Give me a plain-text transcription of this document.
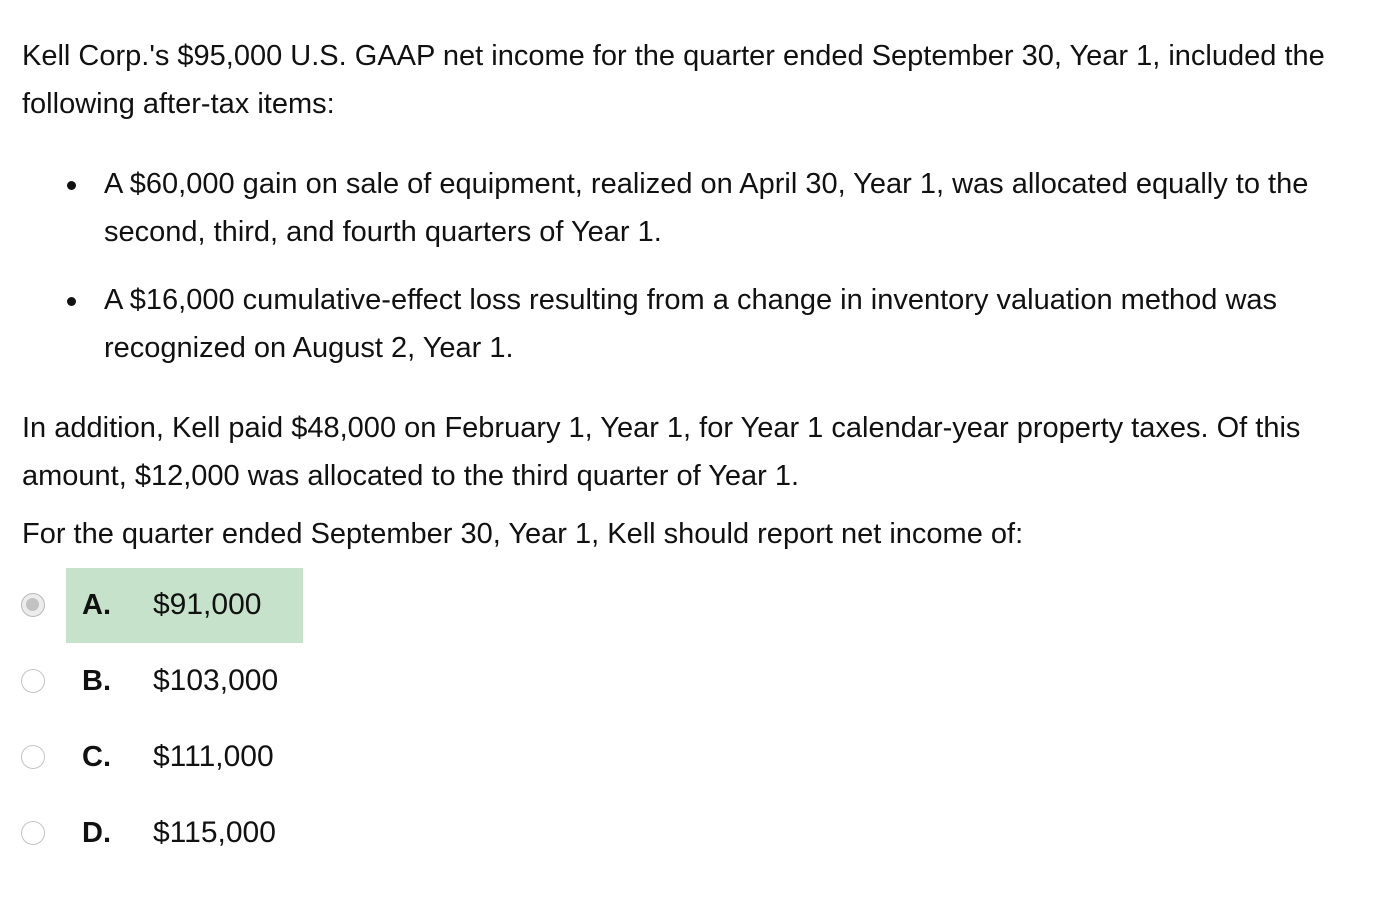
Kell Corp.'s $95,000 U.S. GAAP net income for the quarter ended September 30, Year 1, included the following after-tax items:

A $60,000 gain on sale of equipment, realized on April 30, Year 1, was allocated equally to the second, third, and fourth quarters of Year 1.
A $16,000 cumulative-effect loss resulting from a change in inventory valuation method was recognized on August 2, Year 1.

In addition, Kell paid $48,000 on February 1, Year 1, for Year 1 calendar-year property taxes. Of this amount, $12,000 was allocated to the third quarter of Year 1.

For the quarter ended September 30, Year 1, Kell should report net income of:

A. $91,000
B. $103,000
C. $111,000
D. $115,000
